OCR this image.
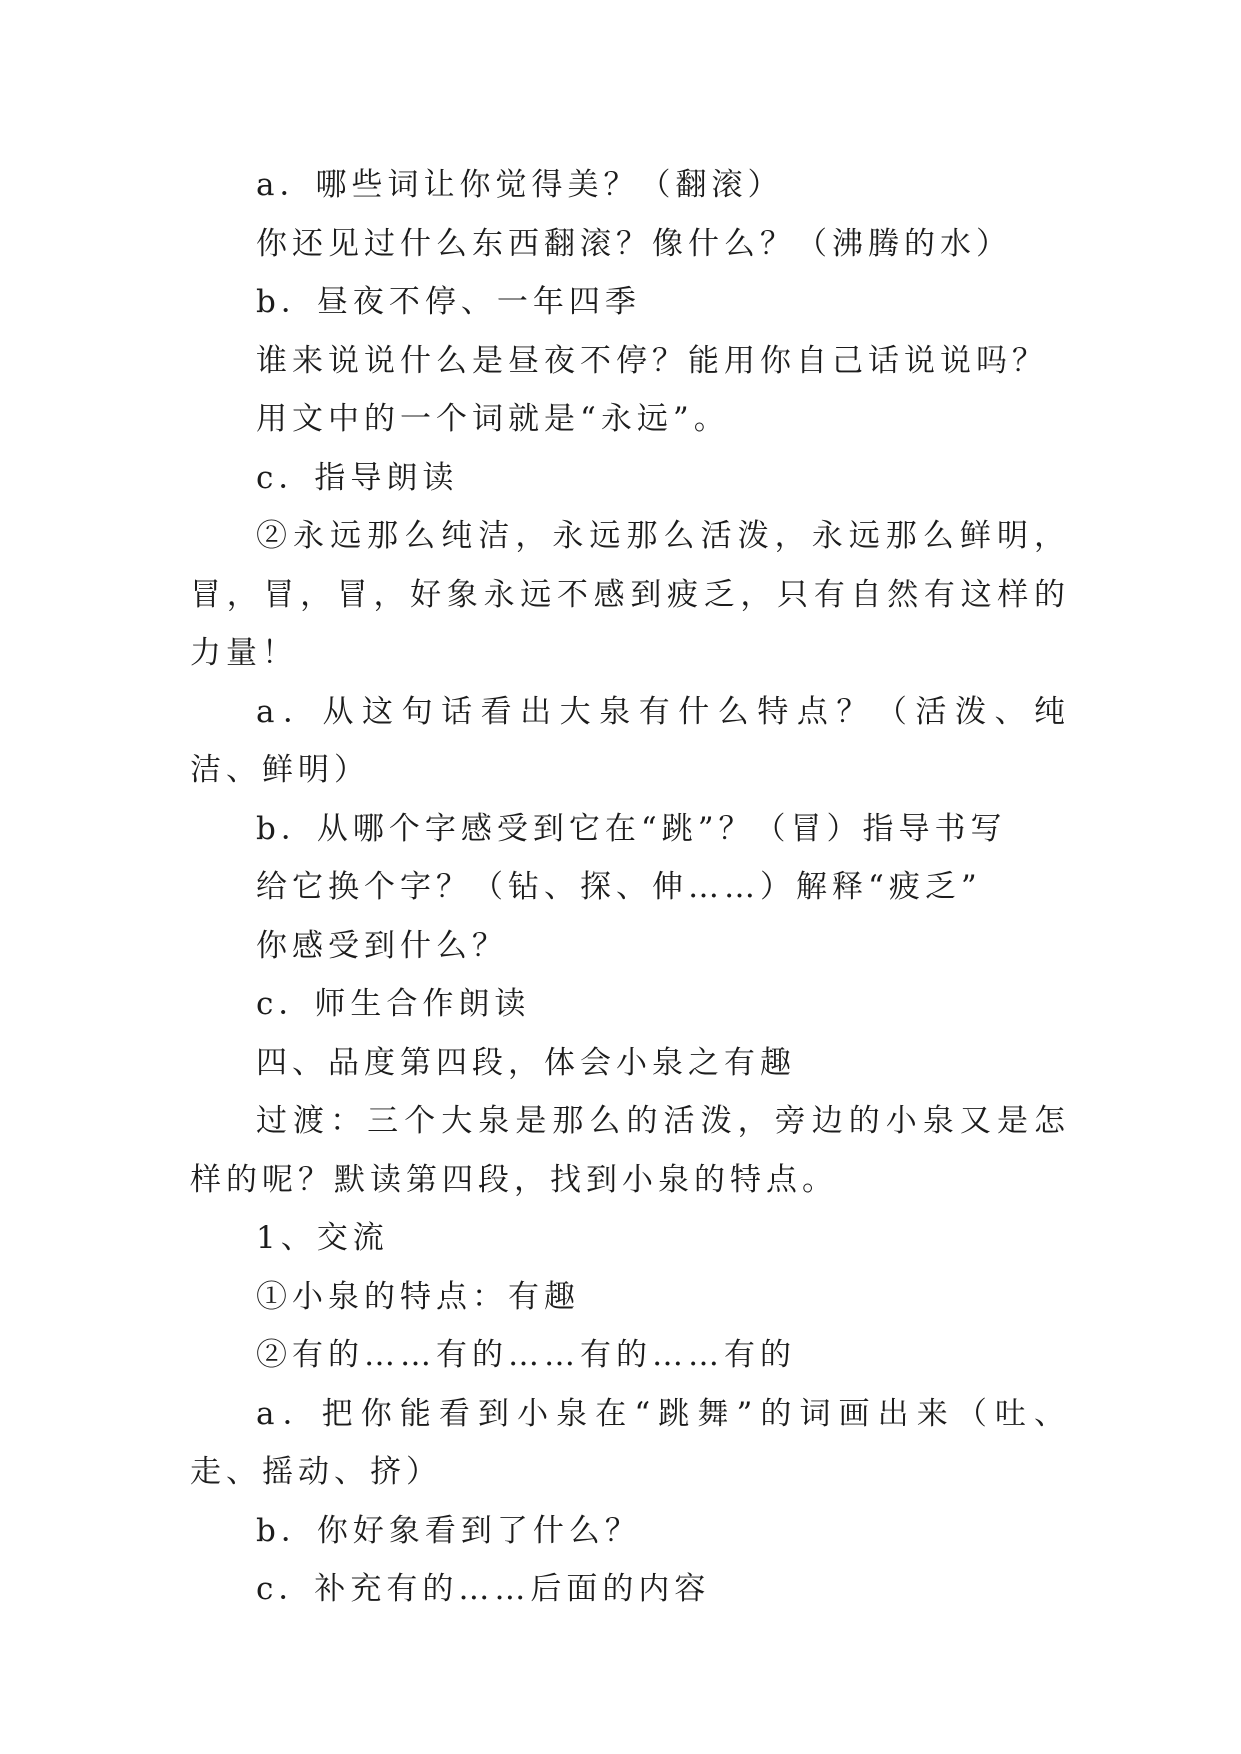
a．哪些词让你觉得美？（翻滚）

你还见过什么东西翻滚？像什么？（沸腾的水）

b．昼夜不停、一年四季

谁来说说什么是昼夜不停？能用你自己话说说吗？

用文中的一个词就是“永远”。

c．指导朗读

②永远那么纯洁，永远那么活泼，永远那么鲜明，冒，冒，冒，好象永远不感到疲乏，只有自然有这样的力量！

a．从这句话看出大泉有什么特点？（活泼、纯洁、鲜明）

b．从哪个字感受到它在“跳”？（冒）指导书写

给它换个字？（钻、探、伸……）解释“疲乏”

你感受到什么？

c．师生合作朗读

四、品度第四段，体会小泉之有趣

过渡：三个大泉是那么的活泼，旁边的小泉又是怎样的呢？默读第四段，找到小泉的特点。

1、交流

①小泉的特点：有趣

②有的……有的……有的……有的

a．把你能看到小泉在“跳舞”的词画出来（吐、走、摇动、挤）

b．你好象看到了什么？

c．补充有的……后面的内容
